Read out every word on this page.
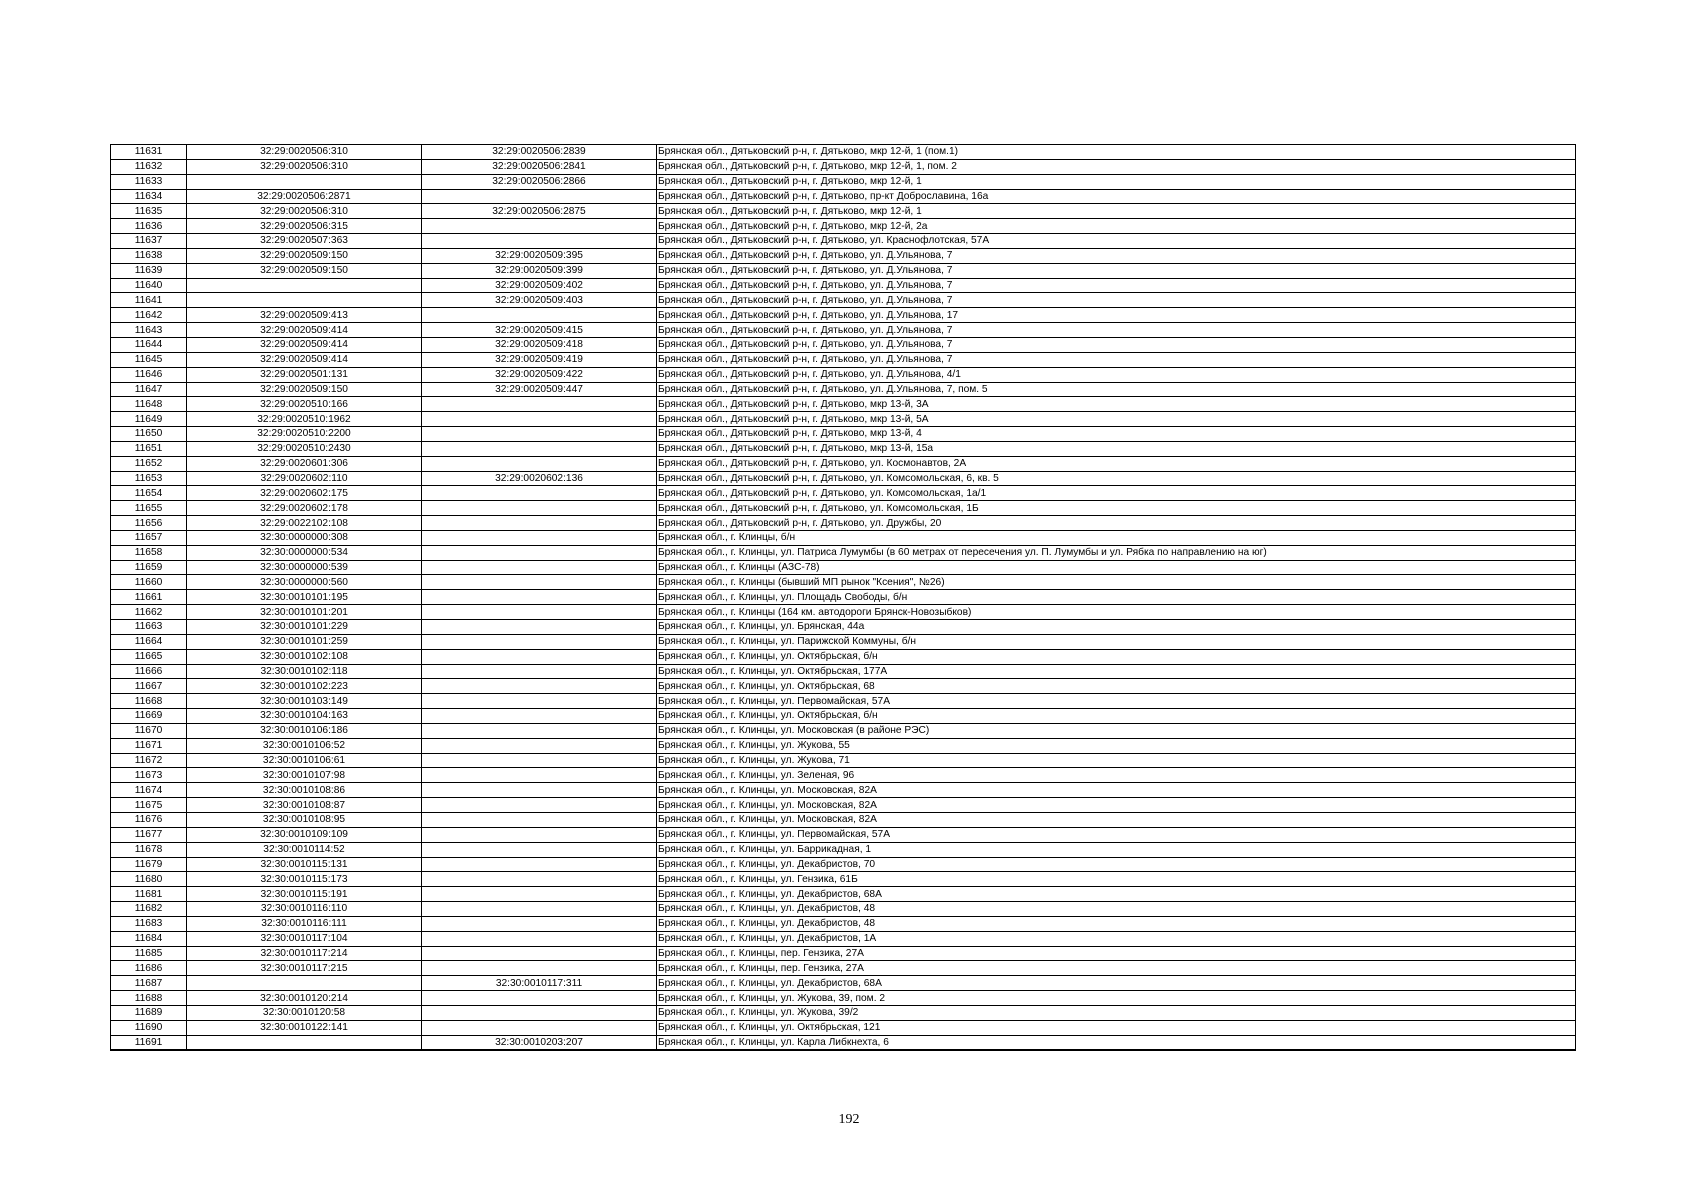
11631	32:29:0020506:310	32:29:0020506:2839	Брянская обл., Дятьковский р-н, г. Дятьково, мкр 12-й, 1 (пом.1)
11632	32:29:0020506:310	32:29:0020506:2841	Брянская обл., Дятьковский р-н, г. Дятьково, мкр 12-й, 1, пом. 2
11633		32:29:0020506:2866	Брянская обл., Дятьковский р-н, г. Дятьково, мкр 12-й, 1
11634	32:29:0020506:2871		Брянская обл., Дятьковский р-н, г. Дятьково, пр-кт Доброславина, 16а
11635	32:29:0020506:310	32:29:0020506:2875	Брянская обл., Дятьковский р-н, г. Дятьково, мкр 12-й, 1
11636	32:29:0020506:315		Брянская обл., Дятьковский р-н, г. Дятьково, мкр 12-й, 2а
11637	32:29:0020507:363		Брянская обл., Дятьковский р-н, г. Дятьково, ул. Краснофлотская, 57А
11638	32:29:0020509:150	32:29:0020509:395	Брянская обл., Дятьковский р-н, г. Дятьково, ул. Д.Ульянова, 7
11639	32:29:0020509:150	32:29:0020509:399	Брянская обл., Дятьковский р-н, г. Дятьково, ул. Д.Ульянова, 7
11640		32:29:0020509:402	Брянская обл., Дятьковский р-н, г. Дятьково, ул. Д.Ульянова, 7
11641		32:29:0020509:403	Брянская обл., Дятьковский р-н, г. Дятьково, ул. Д.Ульянова, 7
11642	32:29:0020509:413		Брянская обл., Дятьковский р-н, г. Дятьково, ул. Д.Ульянова, 17
11643	32:29:0020509:414	32:29:0020509:415	Брянская обл., Дятьковский р-н, г. Дятьково, ул. Д.Ульянова, 7
11644	32:29:0020509:414	32:29:0020509:418	Брянская обл., Дятьковский р-н, г. Дятьково, ул. Д.Ульянова, 7
11645	32:29:0020509:414	32:29:0020509:419	Брянская обл., Дятьковский р-н, г. Дятьково, ул. Д.Ульянова, 7
11646	32:29:0020501:131	32:29:0020509:422	Брянская обл., Дятьковский р-н, г. Дятьково, ул. Д.Ульянова, 4/1
11647	32:29:0020509:150	32:29:0020509:447	Брянская обл., Дятьковский р-н, г. Дятьково, ул. Д.Ульянова, 7, пом. 5
11648	32:29:0020510:166		Брянская обл., Дятьковский р-н, г. Дятьково, мкр 13-й, 3А
11649	32:29:0020510:1962		Брянская обл., Дятьковский р-н, г. Дятьково, мкр 13-й, 5А
11650	32:29:0020510:2200		Брянская обл., Дятьковский р-н, г. Дятьково, мкр 13-й, 4
11651	32:29:0020510:2430		Брянская обл., Дятьковский р-н, г. Дятьково, мкр 13-й, 15а
11652	32:29:0020601:306		Брянская обл., Дятьковский р-н, г. Дятьково, ул. Космонавтов, 2А
11653	32:29:0020602:110	32:29:0020602:136	Брянская обл., Дятьковский р-н, г. Дятьково, ул. Комсомольская, 6, кв. 5
11654	32:29:0020602:175		Брянская обл., Дятьковский р-н, г. Дятьково, ул. Комсомольская, 1а/1
11655	32:29:0020602:178		Брянская обл., Дятьковский р-н, г. Дятьково, ул. Комсомольская, 1Б
11656	32:29:0022102:108		Брянская обл., Дятьковский р-н, г. Дятьково, ул. Дружбы, 20
11657	32:30:0000000:308		Брянская обл., г. Клинцы, б/н
11658	32:30:0000000:534		Брянская обл., г. Клинцы, ул. Патриса Лумумбы (в 60 метрах от пересечения ул. П. Лумумбы и ул. Рябка по направлению на юг)
11659	32:30:0000000:539		Брянская обл., г. Клинцы (АЗС-78)
11660	32:30:0000000:560		Брянская обл., г. Клинцы (бывший МП рынок "Ксения", №26)
11661	32:30:0010101:195		Брянская обл., г. Клинцы, ул. Площадь Свободы, б/н
11662	32:30:0010101:201		Брянская обл., г. Клинцы (164 км. автодороги Брянск-Новозыбков)
11663	32:30:0010101:229		Брянская обл., г. Клинцы, ул. Брянская, 44а
11664	32:30:0010101:259		Брянская обл., г. Клинцы, ул. Парижской Коммуны, б/н
11665	32:30:0010102:108		Брянская обл., г. Клинцы, ул. Октябрьская, б/н
11666	32:30:0010102:118		Брянская обл., г. Клинцы, ул. Октябрьская, 177А
11667	32:30:0010102:223		Брянская обл., г. Клинцы, ул. Октябрьская, 68
11668	32:30:0010103:149		Брянская обл., г. Клинцы, ул. Первомайская, 57А
11669	32:30:0010104:163		Брянская обл., г. Клинцы, ул. Октябрьская, б/н
11670	32:30:0010106:186		Брянская обл., г. Клинцы, ул. Московская (в районе РЭС)
11671	32:30:0010106:52		Брянская обл., г. Клинцы, ул. Жукова, 55
11672	32:30:0010106:61		Брянская обл., г. Клинцы, ул. Жукова, 71
11673	32:30:0010107:98		Брянская обл., г. Клинцы, ул. Зеленая, 96
11674	32:30:0010108:86		Брянская обл., г. Клинцы, ул. Московская, 82А
11675	32:30:0010108:87		Брянская обл., г. Клинцы, ул. Московская, 82А
11676	32:30:0010108:95		Брянская обл., г. Клинцы, ул. Московская, 82А
11677	32:30:0010109:109		Брянская обл., г. Клинцы, ул. Первомайская, 57А
11678	32:30:0010114:52		Брянская обл., г. Клинцы, ул. Баррикадная, 1
11679	32:30:0010115:131		Брянская обл., г. Клинцы, ул. Декабристов, 70
11680	32:30:0010115:173		Брянская обл., г. Клинцы, ул. Гензика, 61Б
11681	32:30:0010115:191		Брянская обл., г. Клинцы, ул. Декабристов, 68А
11682	32:30:0010116:110		Брянская обл., г. Клинцы, ул. Декабристов, 48
11683	32:30:0010116:111		Брянская обл., г. Клинцы, ул. Декабристов, 48
11684	32:30:0010117:104		Брянская обл., г. Клинцы, ул. Декабристов, 1А
11685	32:30:0010117:214		Брянская обл., г. Клинцы, пер. Гензика, 27А
11686	32:30:0010117:215		Брянская обл., г. Клинцы, пер. Гензика, 27А
11687		32:30:0010117:311	Брянская обл., г. Клинцы, ул. Декабристов, 68А
11688	32:30:0010120:214		Брянская обл., г. Клинцы, ул. Жукова, 39, пом. 2
11689	32:30:0010120:58		Брянская обл., г. Клинцы, ул. Жукова, 39/2
11690	32:30:0010122:141		Брянская обл., г. Клинцы, ул. Октябрьская, 121
11691		32:30:0010203:207	Брянская обл., г. Клинцы, ул. Карла Либкнехта, 6
192
